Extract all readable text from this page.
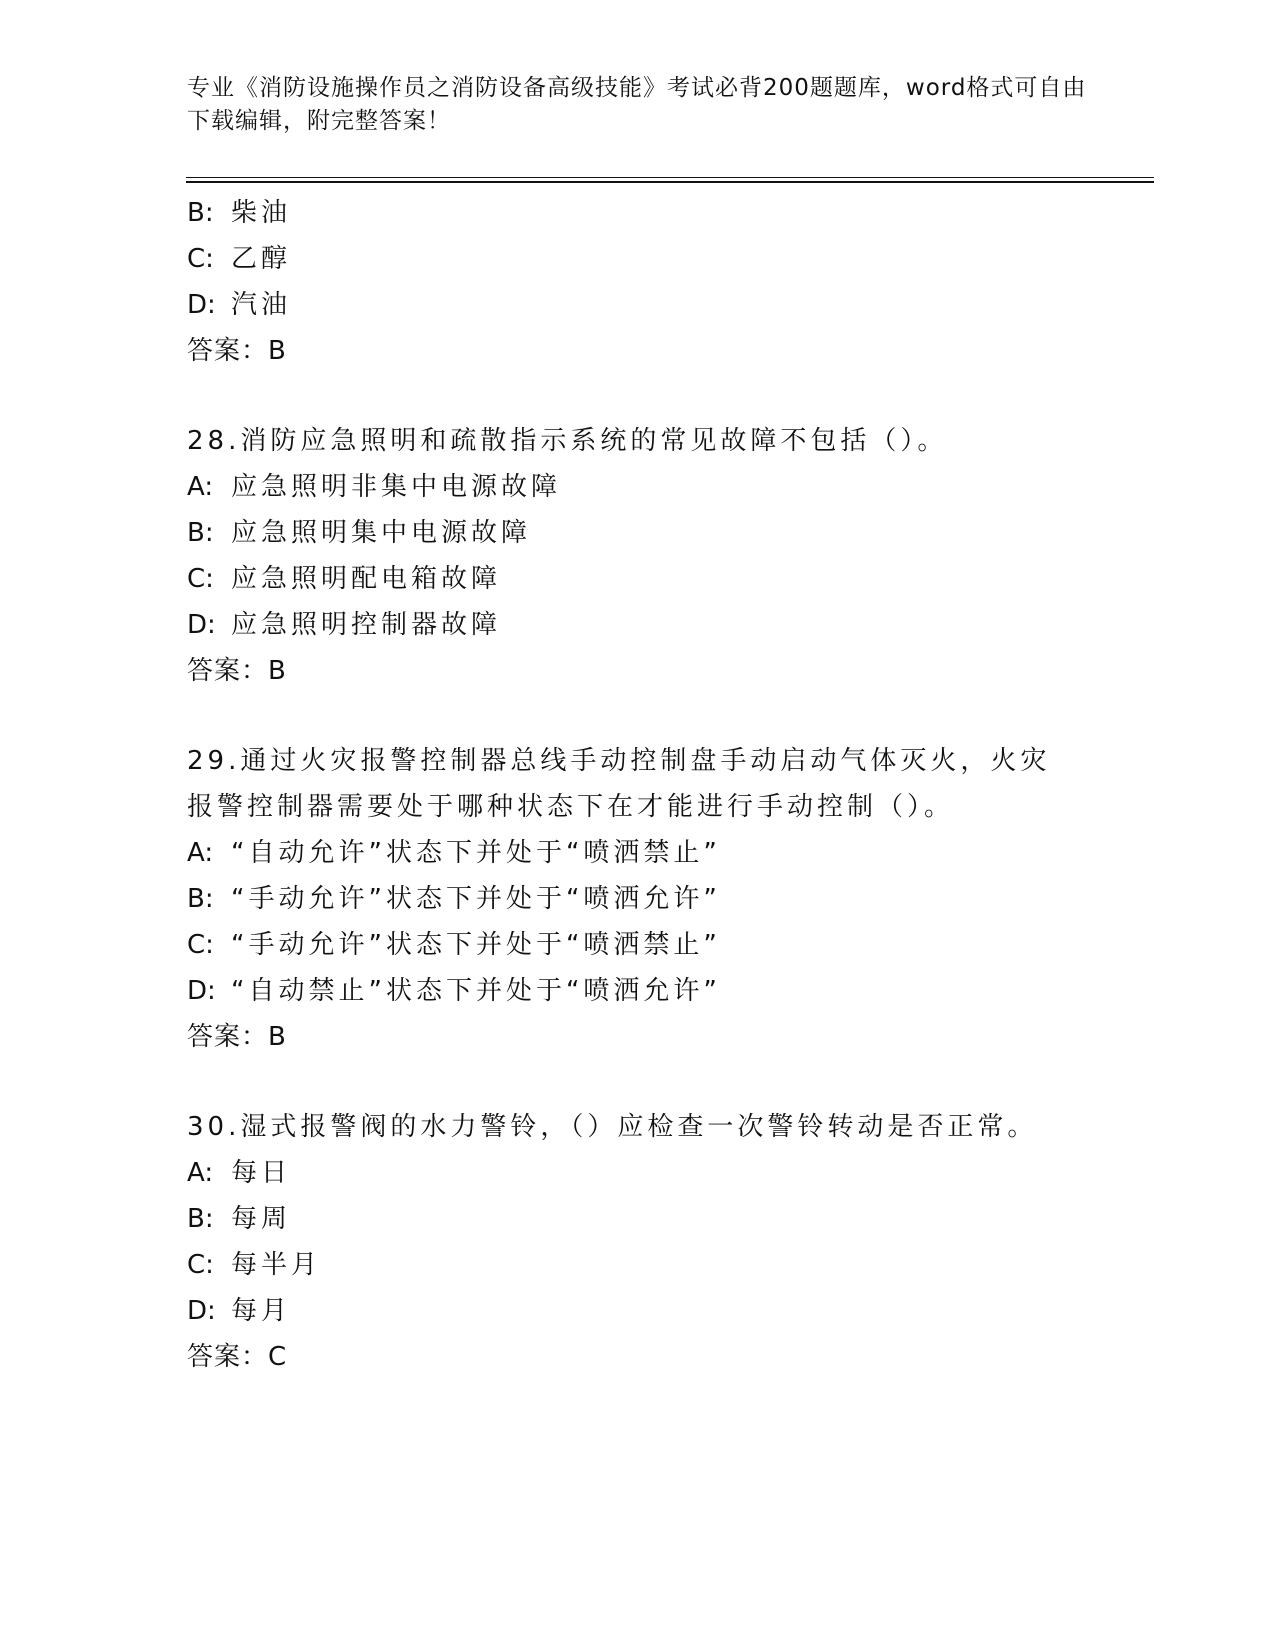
专业《消防设施操作员之消防设备高级技能》考试必背200题题库，word格式可自由下载编辑，附完整答案！
B: 柴油
C: 乙醇
D: 汽油
答案：B
28.消防应急照明和疏散指示系统的常见故障不包括（）。
A: 应急照明非集中电源故障
B: 应急照明集中电源故障
C: 应急照明配电箱故障
D: 应急照明控制器故障
答案：B
29.通过火灾报警控制器总线手动控制盘手动启动气体灭火，火灾报警控制器需要处于哪种状态下在才能进行手动控制（）。
A: “自动允许”状态下并处于“喷洒禁止”
B: “手动允许”状态下并处于“喷洒允许”
C: “手动允许”状态下并处于“喷洒禁止”
D: “自动禁止”状态下并处于“喷洒允许”
答案：B
30.湿式报警阀的水力警铃，（）应检查一次警铃转动是否正常。
A: 每日
B: 每周
C: 每半月
D: 每月
答案：C
